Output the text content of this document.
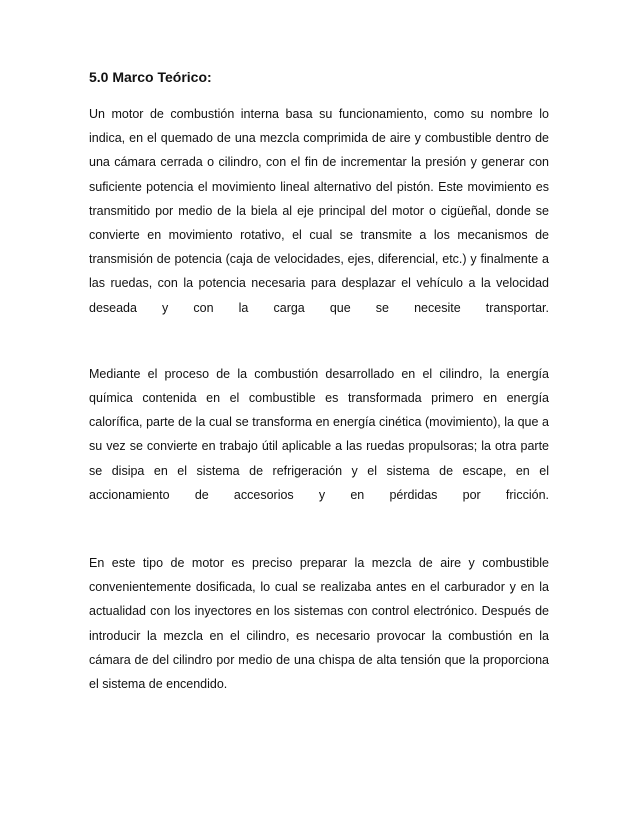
5.0 Marco Teórico:

Un motor de combustión interna basa su funcionamiento, como su nombre lo indica, en el quemado de una mezcla comprimida de aire y combustible dentro de una cámara cerrada o cilindro, con el fin de incrementar la presión y generar con suficiente potencia el movimiento lineal alternativo del pistón. Este movimiento es transmitido por medio de la biela al eje principal del motor o cigüeñal, donde se convierte en movimiento rotativo, el cual se transmite a los mecanismos de transmisión de potencia (caja de velocidades, ejes, diferencial, etc.) y finalmente a las ruedas, con la potencia necesaria para desplazar el vehículo a la velocidad deseada y con la carga que se necesite transportar.

Mediante el proceso de la combustión desarrollado en el cilindro, la energía química contenida en el combustible es transformada primero en energía calorífica, parte de la cual se transforma en energía cinética (movimiento), la que a su vez se convierte en trabajo útil aplicable a las ruedas propulsoras; la otra parte se disipa en el sistema de refrigeración y el sistema de escape, en el accionamiento de accesorios y en pérdidas por fricción.

En este tipo de motor es preciso preparar la mezcla de aire y combustible convenientemente dosificada, lo cual se realizaba antes en el carburador y en la actualidad con los inyectores en los sistemas con control electrónico. Después de introducir la mezcla en el cilindro, es necesario provocar la combustión en la cámara de del cilindro por medio de una chispa de alta tensión que la proporciona el sistema de encendido.
